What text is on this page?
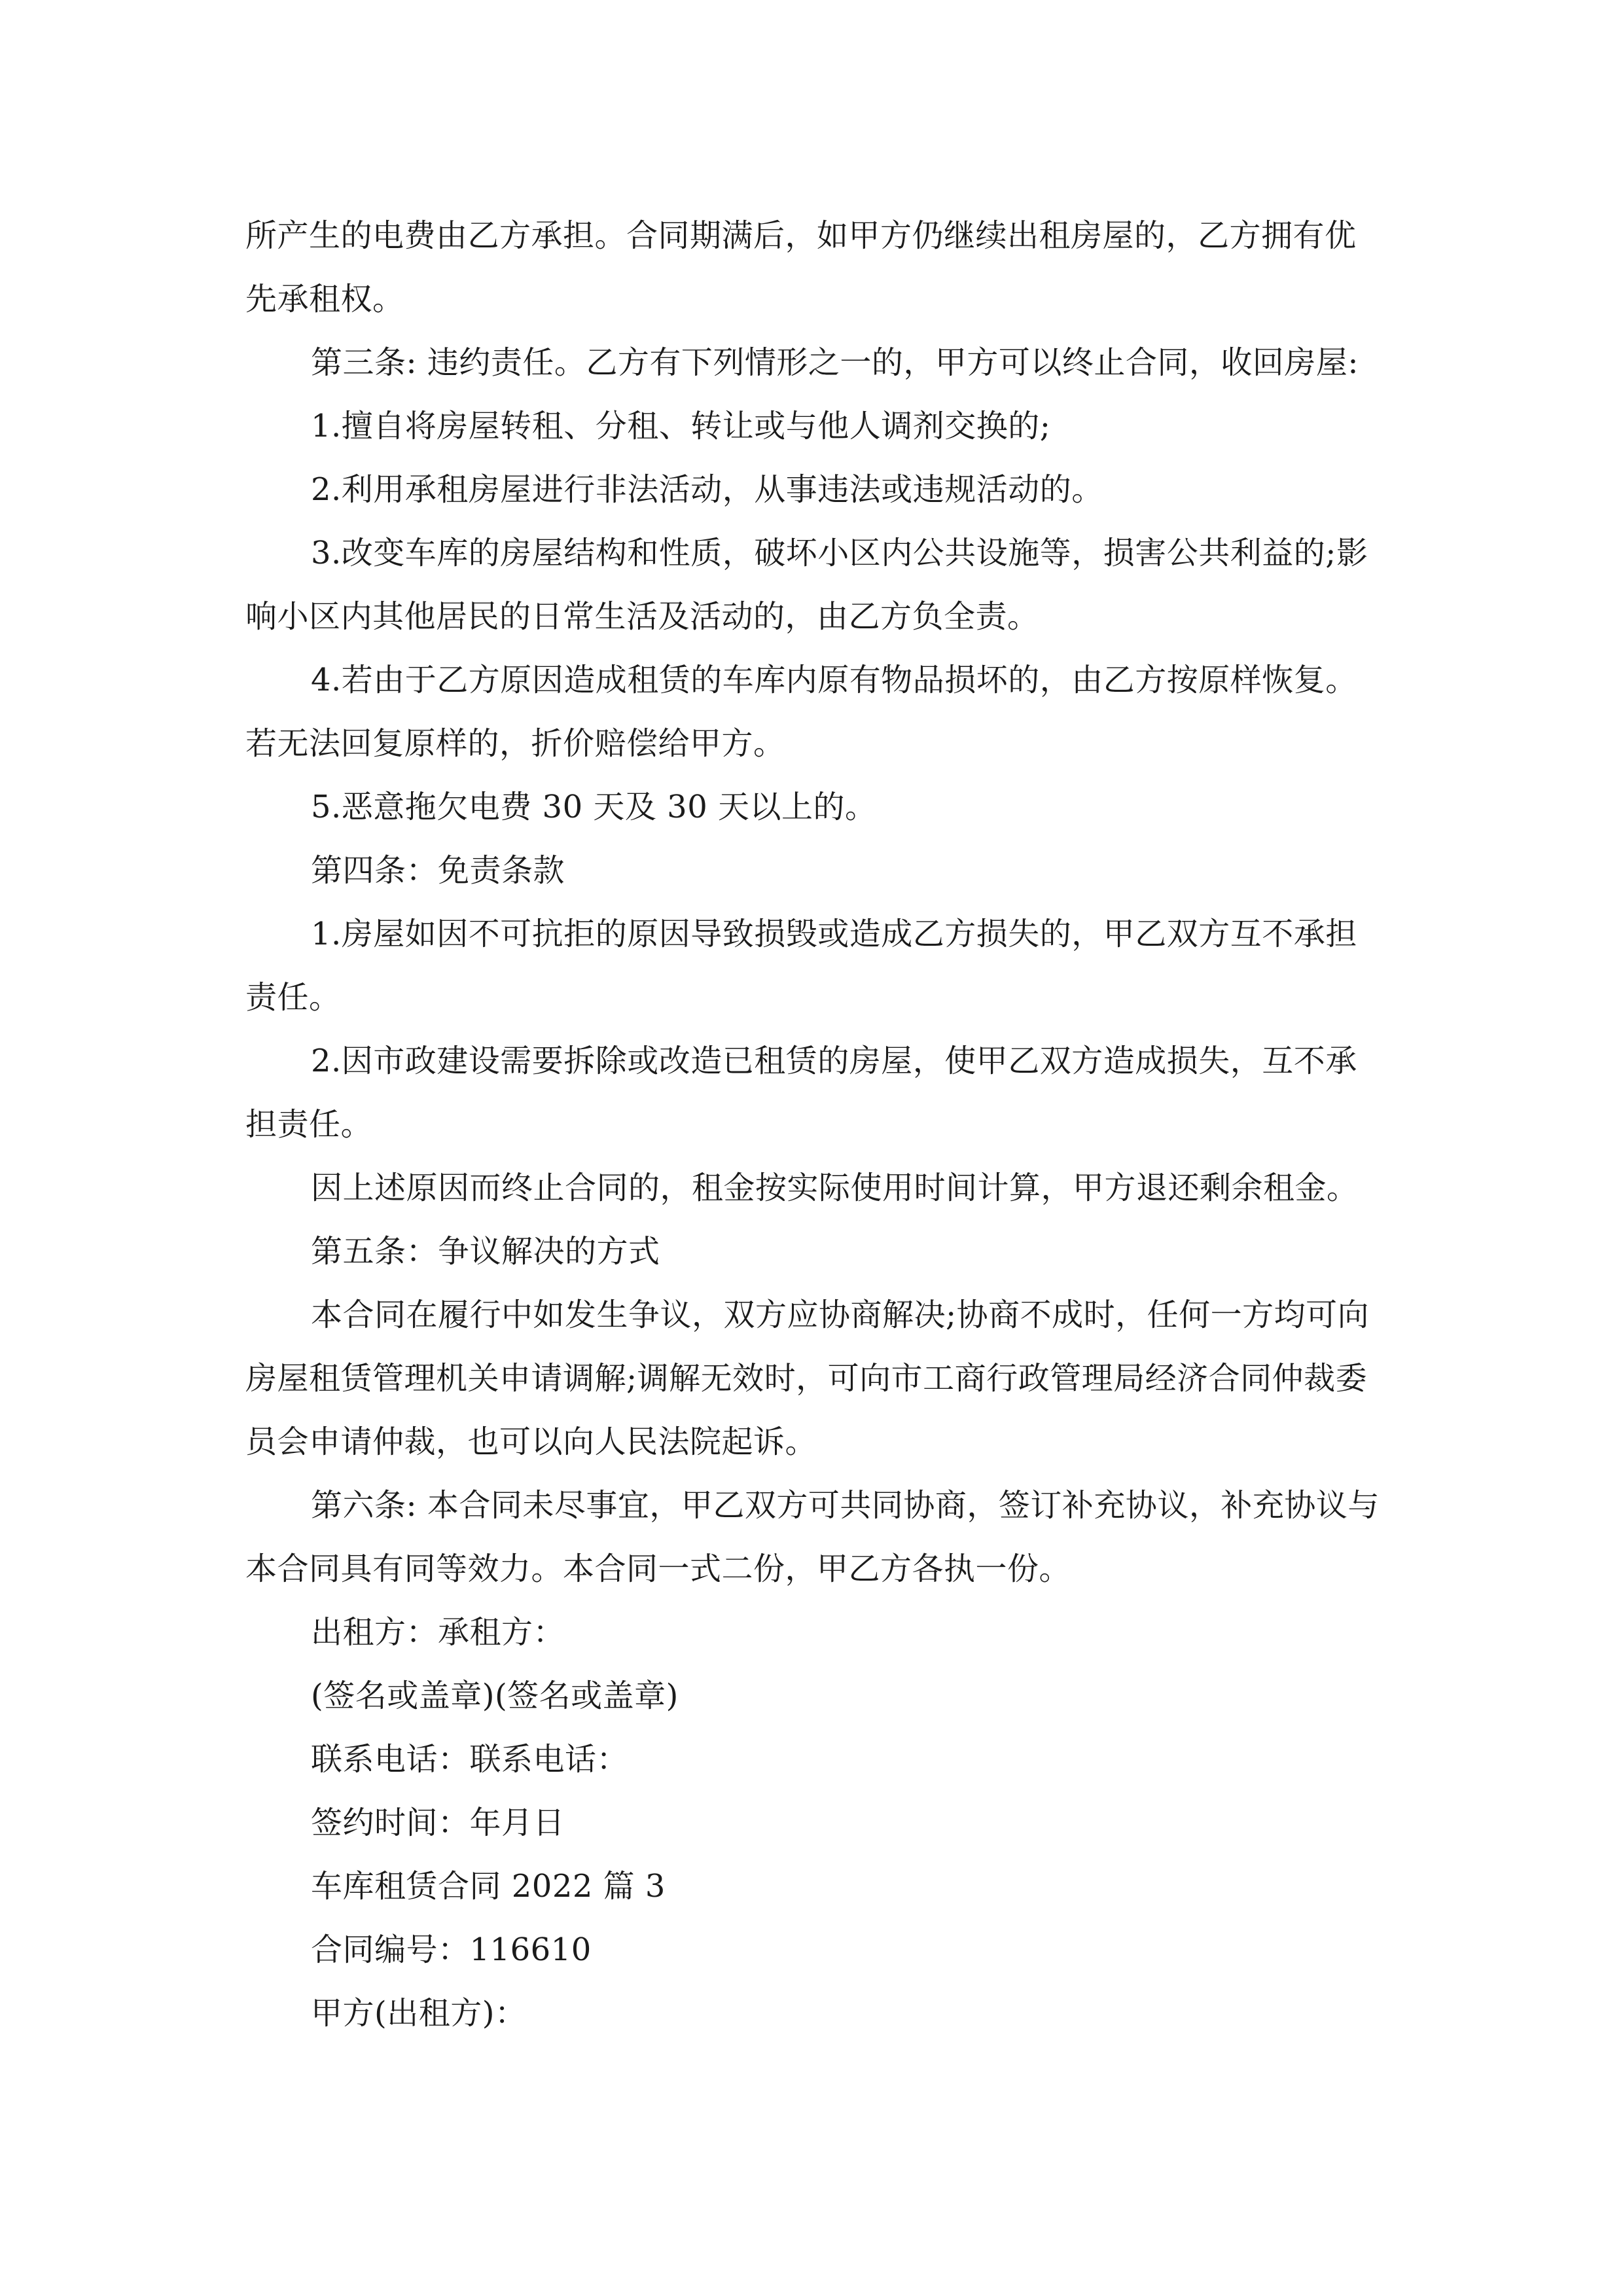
所产生的电费由乙方承担。合同期满后，如甲方仍继续出租房屋的，乙方拥有优先承租权。

第三条: 违约责任。乙方有下列情形之一的，甲方可以终止合同，收回房屋:

1.擅自将房屋转租、分租、转让或与他人调剂交换的;

2.利用承租房屋进行非法活动，从事违法或违规活动的。

3.改变车库的房屋结构和性质，破坏小区内公共设施等，损害公共利益的;影响小区内其他居民的日常生活及活动的，由乙方负全责。

4.若由于乙方原因造成租赁的车库内原有物品损坏的，由乙方按原样恢复。若无法回复原样的，折价赔偿给甲方。

5.恶意拖欠电费 30 天及 30 天以上的。

第四条：免责条款

1.房屋如因不可抗拒的原因导致损毁或造成乙方损失的，甲乙双方互不承担责任。

2.因市政建设需要拆除或改造已租赁的房屋，使甲乙双方造成损失，互不承担责任。

因上述原因而终止合同的，租金按实际使用时间计算，甲方退还剩余租金。

第五条：争议解决的方式

本合同在履行中如发生争议，双方应协商解决;协商不成时，任何一方均可向房屋租赁管理机关申请调解;调解无效时，可向市工商行政管理局经济合同仲裁委员会申请仲裁，也可以向人民法院起诉。

第六条: 本合同未尽事宜，甲乙双方可共同协商，签订补充协议，补充协议与本合同具有同等效力。本合同一式二份，甲乙方各执一份。

出租方：承租方：

(签名或盖章)(签名或盖章)

联系电话：联系电话：

签约时间：年月日

车库租赁合同 2022 篇 3

合同编号：116610

甲方(出租方)：
